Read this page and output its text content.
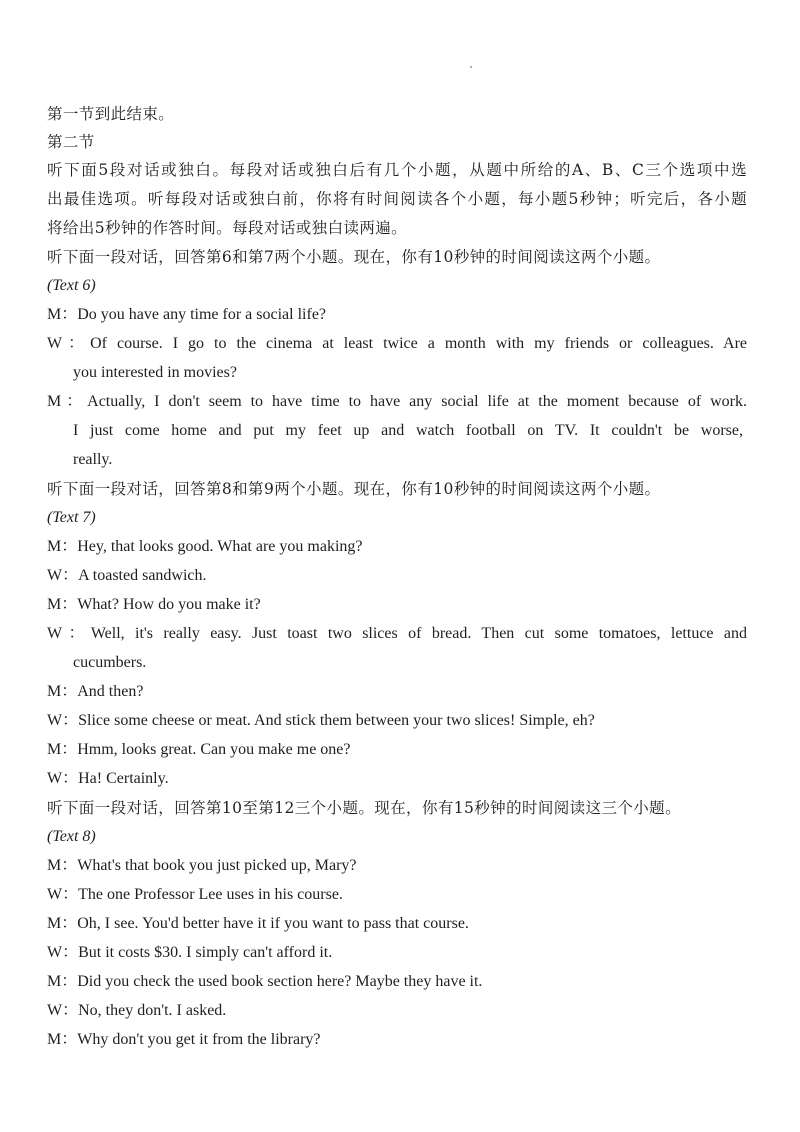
第一节到此结束。
第二节
听下面5段对话或独白。每段对话或独白后有几个小题，从题中所给的A、B、C三个选项中选
出最佳选项。听每段对话或独白前，你将有时间阅读各个小题，每小题5秒钟；听完后，各小题
将给出5秒钟的作答时间。每段对话或独白读两遍。
听下面一段对话，回答第6和第7两个小题。现在，你有10秒钟的时间阅读这两个小题。
(Text 6)
M：Do you have any time for a social life?
W：Of course. I go to the cinema at least twice a month with my friends or colleagues. Are
you interested in movies?
M：Actually, I don't seem to have time to have any social life at the moment because of work.
I just come home and put my feet up and watch football on TV. It couldn't be worse,
really.
听下面一段对话，回答第8和第9两个小题。现在，你有10秒钟的时间阅读这两个小题。
(Text 7)
M：Hey, that looks good. What are you making?
W：A toasted sandwich.
M：What? How do you make it?
W：Well, it's really easy. Just toast two slices of bread. Then cut some tomatoes, lettuce and
cucumbers.
M：And then?
W：Slice some cheese or meat. And stick them between your two slices! Simple, eh?
M：Hmm, looks great. Can you make me one?
W：Ha! Certainly.
听下面一段对话，回答第10至第12三个小题。现在，你有15秒钟的时间阅读这三个小题。
(Text 8)
M：What's that book you just picked up, Mary?
W：The one Professor Lee uses in his course.
M：Oh, I see. You'd better have it if you want to pass that course.
W：But it costs $30. I simply can't afford it.
M：Did you check the used book section here? Maybe they have it.
W：No, they don't. I asked.
M：Why don't you get it from the library?
